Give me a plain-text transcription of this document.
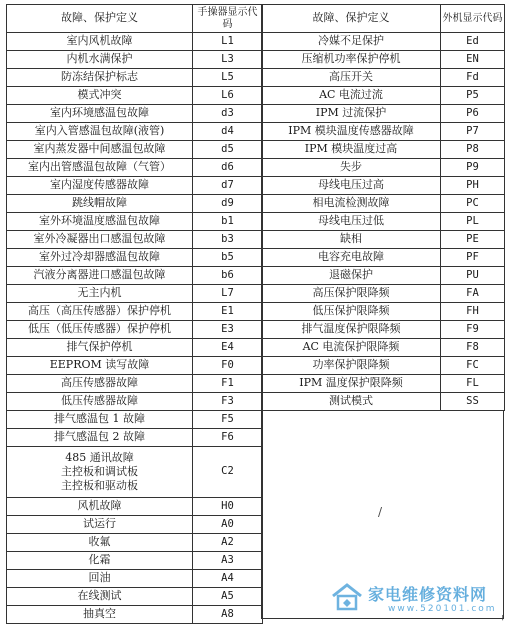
故障、保护定义	手操器显示代码
室内风机故障	L1
内机水满保护	L3
防冻结保护标志	L5
模式冲突	L6
室内环境感温包故障	d3
室内入管感温包故障(液管)	d4
室内蒸发器中间感温包故障	d5
室内出管感温包故障（气管）	d6
室内湿度传感器故障	d7
跳线帽故障	d9
室外环境温度感温包故障	b1
室外冷凝器出口感温包故障	b3
室外过冷却器感温包故障	b5
汽液分离器进口感温包故障	b6
无主内机	L7
高压（高压传感器）保护停机	E1
低压（低压传感器）保护停机	E3
排气保护停机	E4
EEPROM 读写故障	F0
高压传感器故障	F1
低压传感器故障	F3
排气感温包 1 故障	F5
排气感温包 2 故障	F6

485 通讯故障
主控板和调试板
主控板和驱动板	C2
风机故障	H0
试运行	A0
收氟	A2
化霜	A3
回油	A4
在线测试	A5
抽真空	A8
故障、保护定义	外机显示代码
冷媒不足保护	Ed
压缩机功率保护停机	EN
高压开关	Fd
AC 电流过流	P5
IPM 过流保护	P6
IPM 模块温度传感器故障	P7
IPM 模块温度过高	P8
失步	P9
母线电压过高	PH
相电流检测故障	PC
母线电压过低	PL
缺相	PE
电容充电故障	PF
退磁保护	PU
高压保护限降频	FA
低压保护限降频	FH
排气温度保护限降频	F9
AC 电流保护限降频	F8
功率保护限降频	FC
IPM 温度保护限降频	FL
测试模式	SS
/
╷
家电维修资料网
www.520101.com
